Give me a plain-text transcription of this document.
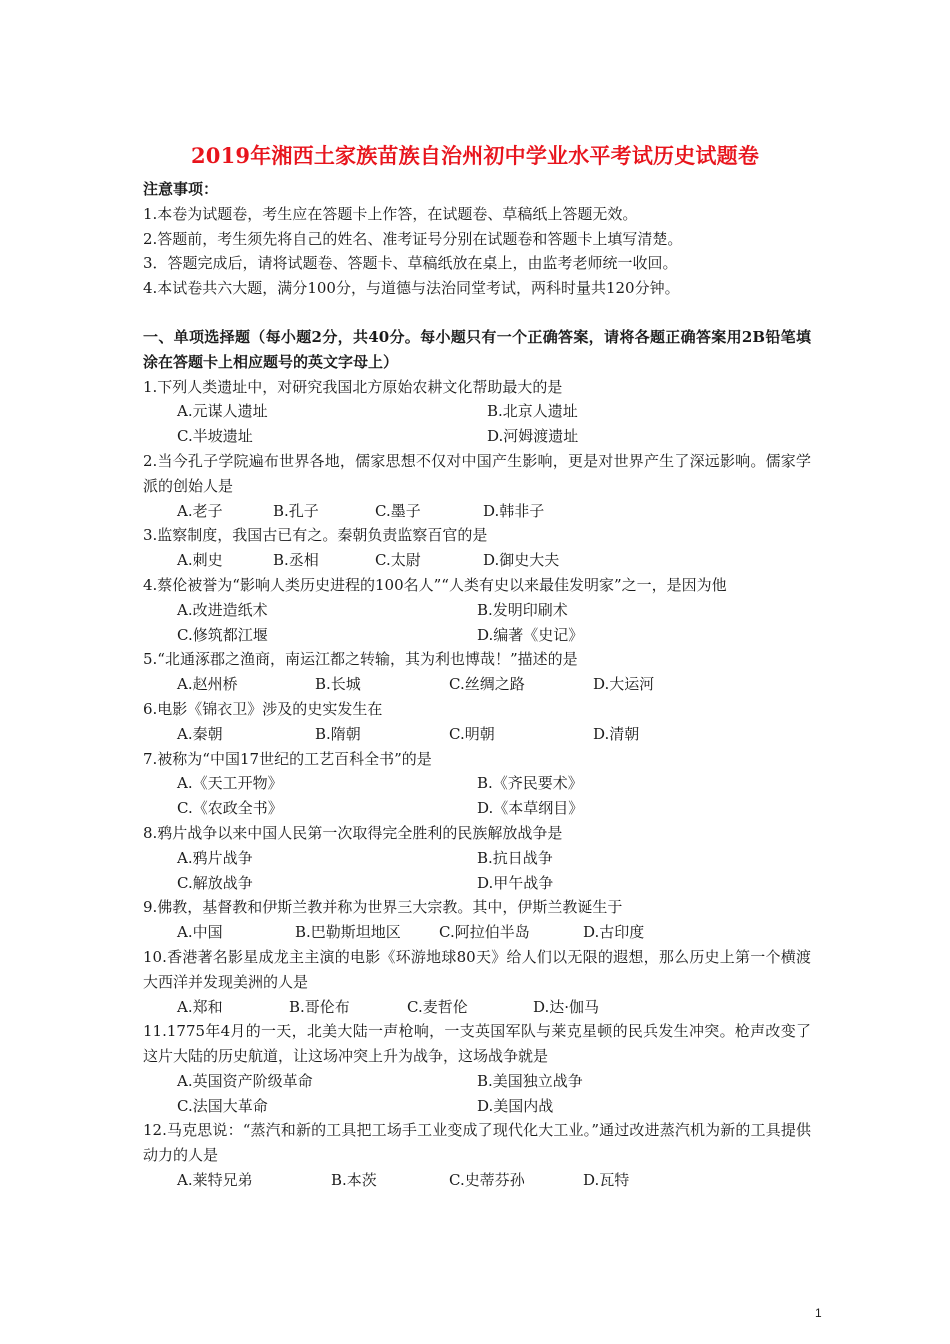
2019年湘西土家族苗族自治州初中学业水平考试历史试题卷
注意事项：
1.本卷为试题卷，考生应在答题卡上作答，在试题卷、草稿纸上答题无效。
2.答题前，考生须先将自己的姓名、准考证号分别在试题卷和答题卡上填写清楚。
3．答题完成后，请将试题卷、答题卡、草稿纸放在桌上，由监考老师统一收回。
4.本试卷共六大题，满分100分，与道德与法治同堂考试，两科时量共120分钟。
一、单项选择题（每小题2分，共40分。每小题只有一个正确答案，请将各题正确答案用2B铅笔填涂在答题卡上相应题号的英文字母上）
1.下列人类遗址中，对研究我国北方原始农耕文化帮助最大的是
A.元谋人遗址	B.北京人遗址
C.半坡遗址	D.河姆渡遗址
2.当今孔子学院遍布世界各地，儒家思想不仅对中国产生影响，更是对世界产生了深远影响。儒家学派的创始人是
A.老子	B.孔子	C.墨子	D.韩非子
3.监察制度，我国古已有之。秦朝负责监察百官的是
A.刺史	B.丞相	C.太尉	D.御史大夫
4.蔡伦被誉为“影响人类历史进程的100名人”“人类有史以来最佳发明家”之一，是因为他
A.改进造纸术	B.发明印刷术
C.修筑都江堰	D.编著《史记》
5.“北通涿郡之渔商，南运江都之转输，其为利也博哉！”描述的是
A.赵州桥	B.长城	C.丝绸之路	D.大运河
6.电影《锦衣卫》涉及的史实发生在
A.秦朝	B.隋朝	C.明朝	D.清朝
7.被称为“中国17世纪的工艺百科全书”的是
A.《天工开物》	B.《齐民要术》
C.《农政全书》	D.《本草纲目》
8.鸦片战争以来中国人民第一次取得完全胜利的民族解放战争是
A.鸦片战争	B.抗日战争
C.解放战争	D.甲午战争
9.佛教，基督教和伊斯兰教并称为世界三大宗教。其中，伊斯兰教诞生于
A.中国	B.巴勒斯坦地区	C.阿拉伯半岛	D.古印度
10.香港著名影星成龙主主演的电影《环游地球80天》给人们以无限的遐想，那么历史上第一个横渡大西洋并发现美洲的人是
A.郑和	B.哥伦布	C.麦哲伦	D.达·伽马
11.1775年4月的一天，北美大陆一声枪响，一支英国军队与莱克星顿的民兵发生冲突。枪声改变了这片大陆的历史航道，让这场冲突上升为战争，这场战争就是
A.英国资产阶级革命	B.美国独立战争
C.法国大革命	D.美国内战
12.马克思说：“蒸汽和新的工具把工场手工业变成了现代化大工业。”通过改进蒸汽机为新的工具提供动力的人是
A.莱特兄弟	B.本茨	C.史蒂芬孙	D.瓦特
1
